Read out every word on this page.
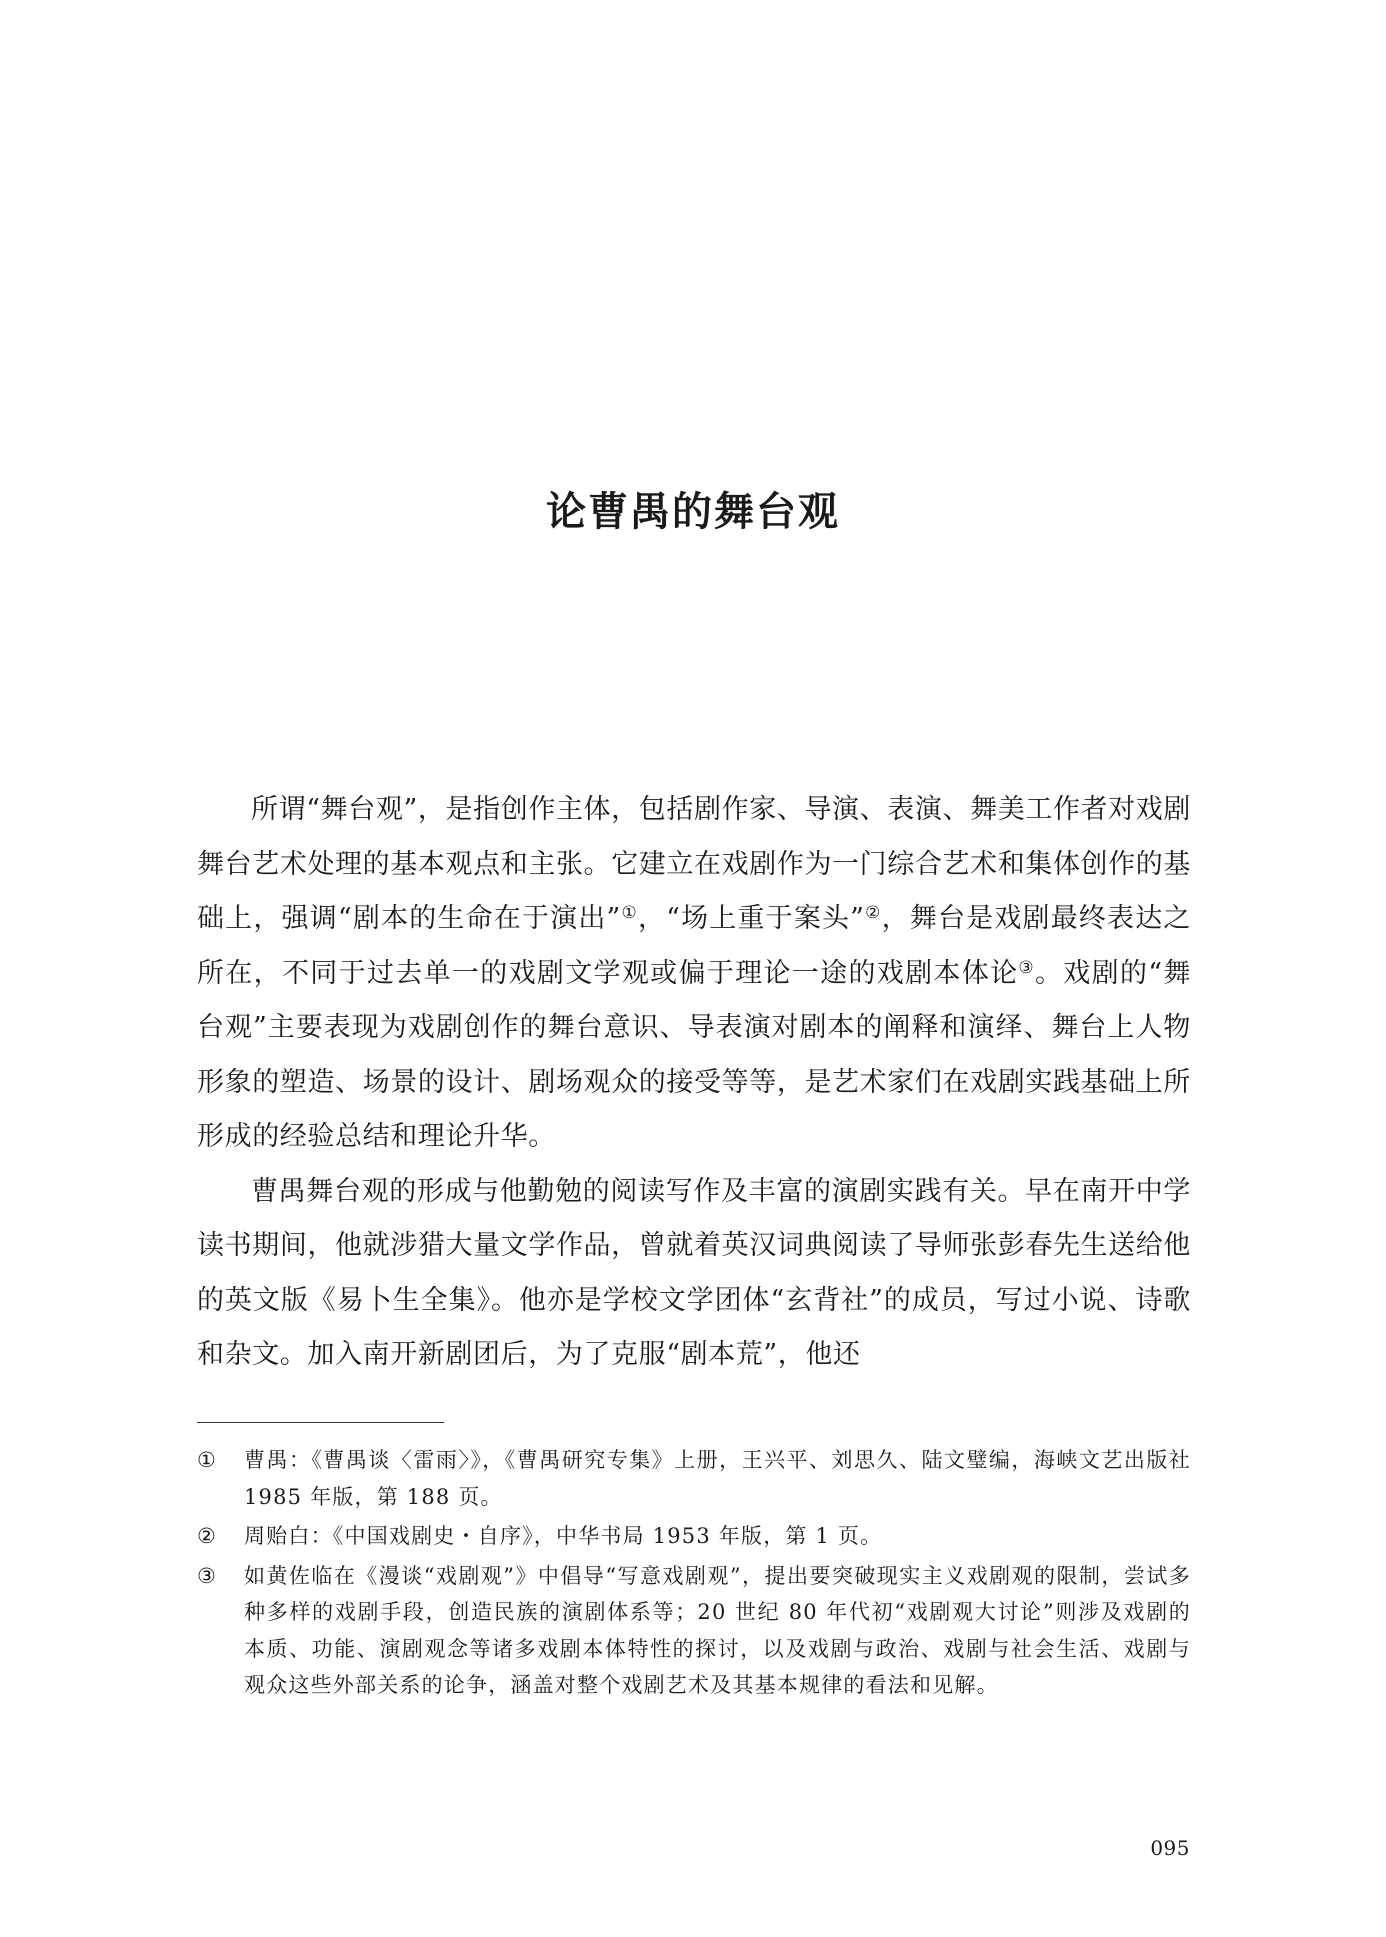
论曹禺的舞台观

所谓“舞台观”，是指创作主体，包括剧作家、导演、表演、舞美工作者对戏剧舞台艺术处理的基本观点和主张。它建立在戏剧作为一门综合艺术和集体创作的基础上，强调“剧本的生命在于演出”①，“场上重于案头”②，舞台是戏剧最终表达之所在，不同于过去单一的戏剧文学观或偏于理论一途的戏剧本体论③。戏剧的“舞台观”主要表现为戏剧创作的舞台意识、导表演对剧本的阐释和演绎、舞台上人物形象的塑造、场景的设计、剧场观众的接受等等，是艺术家们在戏剧实践基础上所形成的经验总结和理论升华。

曹禺舞台观的形成与他勤勉的阅读写作及丰富的演剧实践有关。早在南开中学读书期间，他就涉猎大量文学作品，曾就着英汉词典阅读了导师张彭春先生送给他的英文版《易卜生全集》。他亦是学校文学团体“玄背社”的成员，写过小说、诗歌和杂文。加入南开新剧团后，为了克服“剧本荒”，他还

① 曹禺：《曹禺谈〈雷雨〉》，《曹禺研究专集》上册，王兴平、刘思久、陆文璧编，海峡文艺出版社 1985 年版，第 188 页。

② 周贻白：《中国戏剧史・自序》，中华书局 1953 年版，第 1 页。

③ 如黄佐临在《漫谈“戏剧观”》中倡导“写意戏剧观”，提出要突破现实主义戏剧观的限制，尝试多种多样的戏剧手段，创造民族的演剧体系等；20 世纪 80 年代初“戏剧观大讨论”则涉及戏剧的本质、功能、演剧观念等诸多戏剧本体特性的探讨，以及戏剧与政治、戏剧与社会生活、戏剧与观众这些外部关系的论争，涵盖对整个戏剧艺术及其基本规律的看法和见解。

095
